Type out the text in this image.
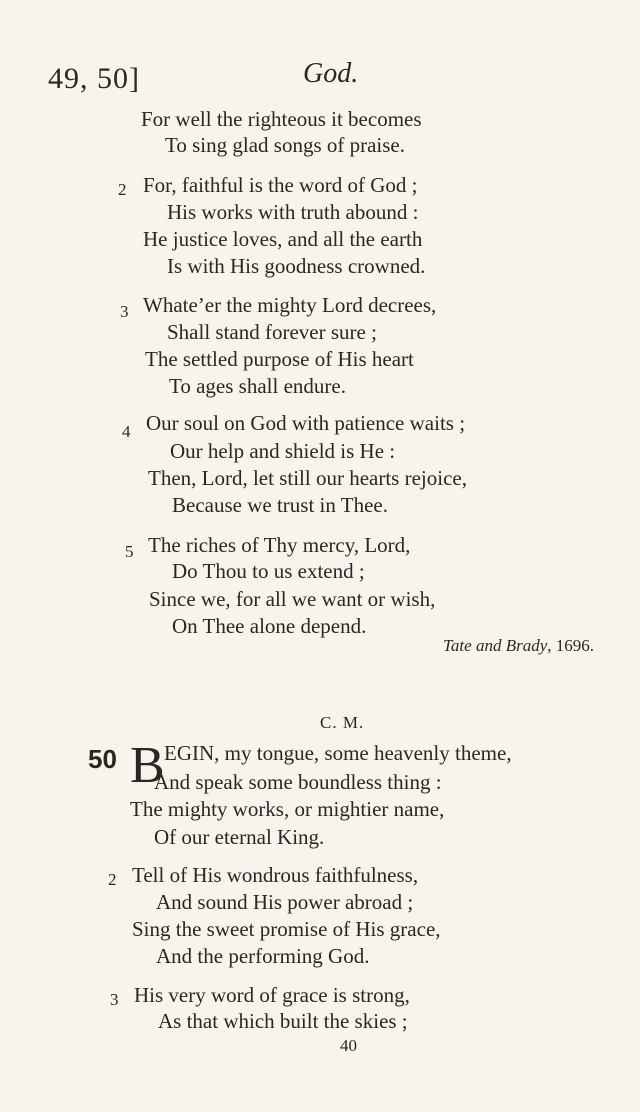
49, 50]	God.
For well the righteous it becomes
To sing glad songs of praise.
2 For, faithful is the word of God ;
His works with truth abound :
He justice loves, and all the earth
Is with His goodness crowned.
3 Whate’er the mighty Lord decrees,
Shall stand forever sure ;
The settled purpose of His heart
To ages shall endure.
4 Our soul on God with patience waits ;
Our help and shield is He :
Then, Lord, let still our hearts rejoice,
Because we trust in Thee.
5 The riches of Thy mercy, Lord,
Do Thou to us extend ;
Since we, for all we want or wish,
On Thee alone depend.
Tate and Brady, 1696.
C. M.
50 B EGIN, my tongue, some heavenly theme,
And speak some boundless thing :
The mighty works, or mightier name,
Of our eternal King.
2 Tell of His wondrous faithfulness,
And sound His power abroad ;
Sing the sweet promise of His grace,
And the performing God.
3 His very word of grace is strong,
As that which built the skies ;
40
